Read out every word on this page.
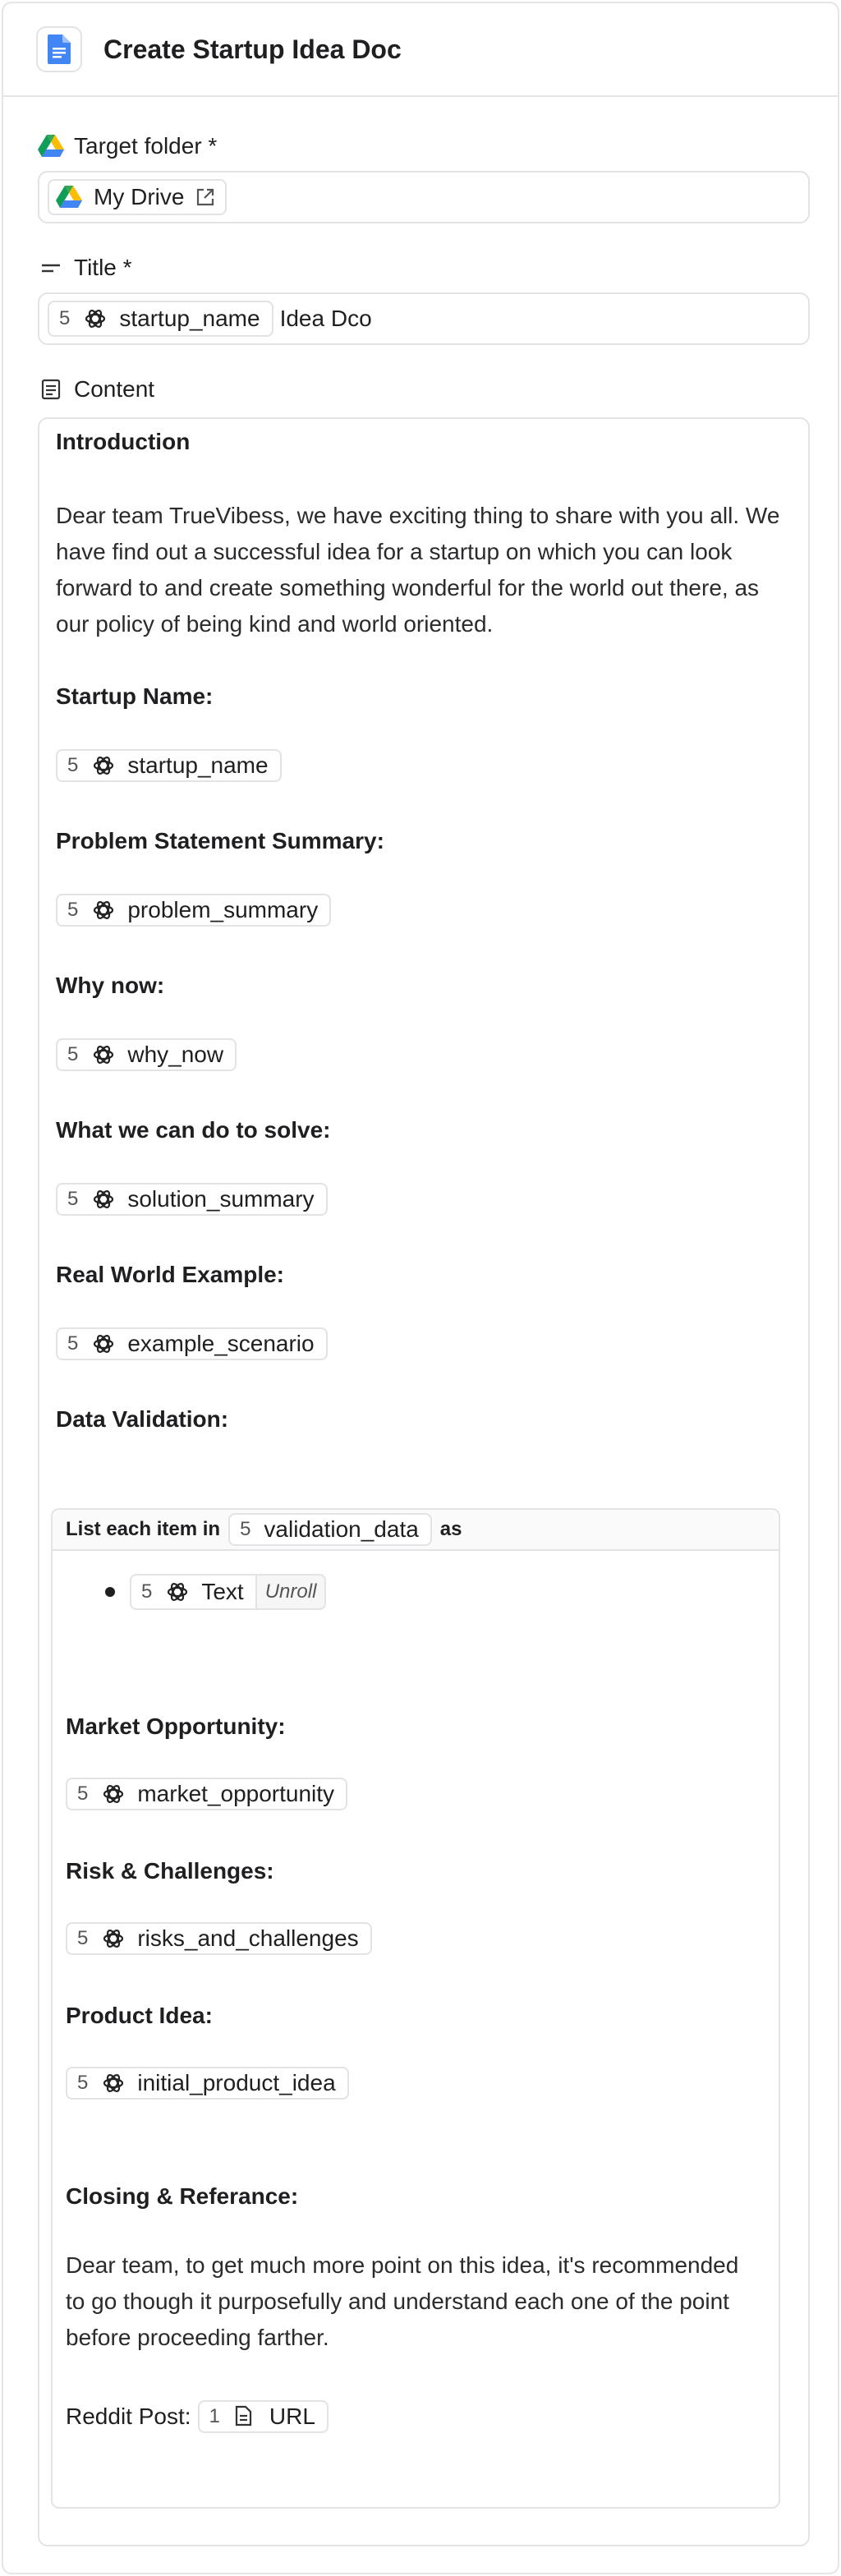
Create Startup Idea Doc
Target folder *
My Drive
Title *
5 startup_name Idea Dco
Content
Introduction
Dear team TrueVibess, we have exciting thing to share with you all. We
have find out a successful idea for a startup on which you can look
forward to and create something wonderful for the world out there, as
our policy of being kind and world oriented.
Startup Name:
5 startup_name
Problem Statement Summary:
5 problem_summary
Why now:
5 why_now
What we can do to solve:
5 solution_summary
Real World Example:
5 example_scenario
Data Validation:
List each item in 5 validation_data as
5 Text	Unroll
Market Opportunity:
5 market_opportunity
Risk & Challenges:
5 risks_and_challenges
Product Idea:
5 initial_product_idea
Closing & Referance:
Dear team, to get much more point on this idea, it's recommended
to go though it purposefully and understand each one of the point
before proceeding farther.
Reddit Post: 1 URL
